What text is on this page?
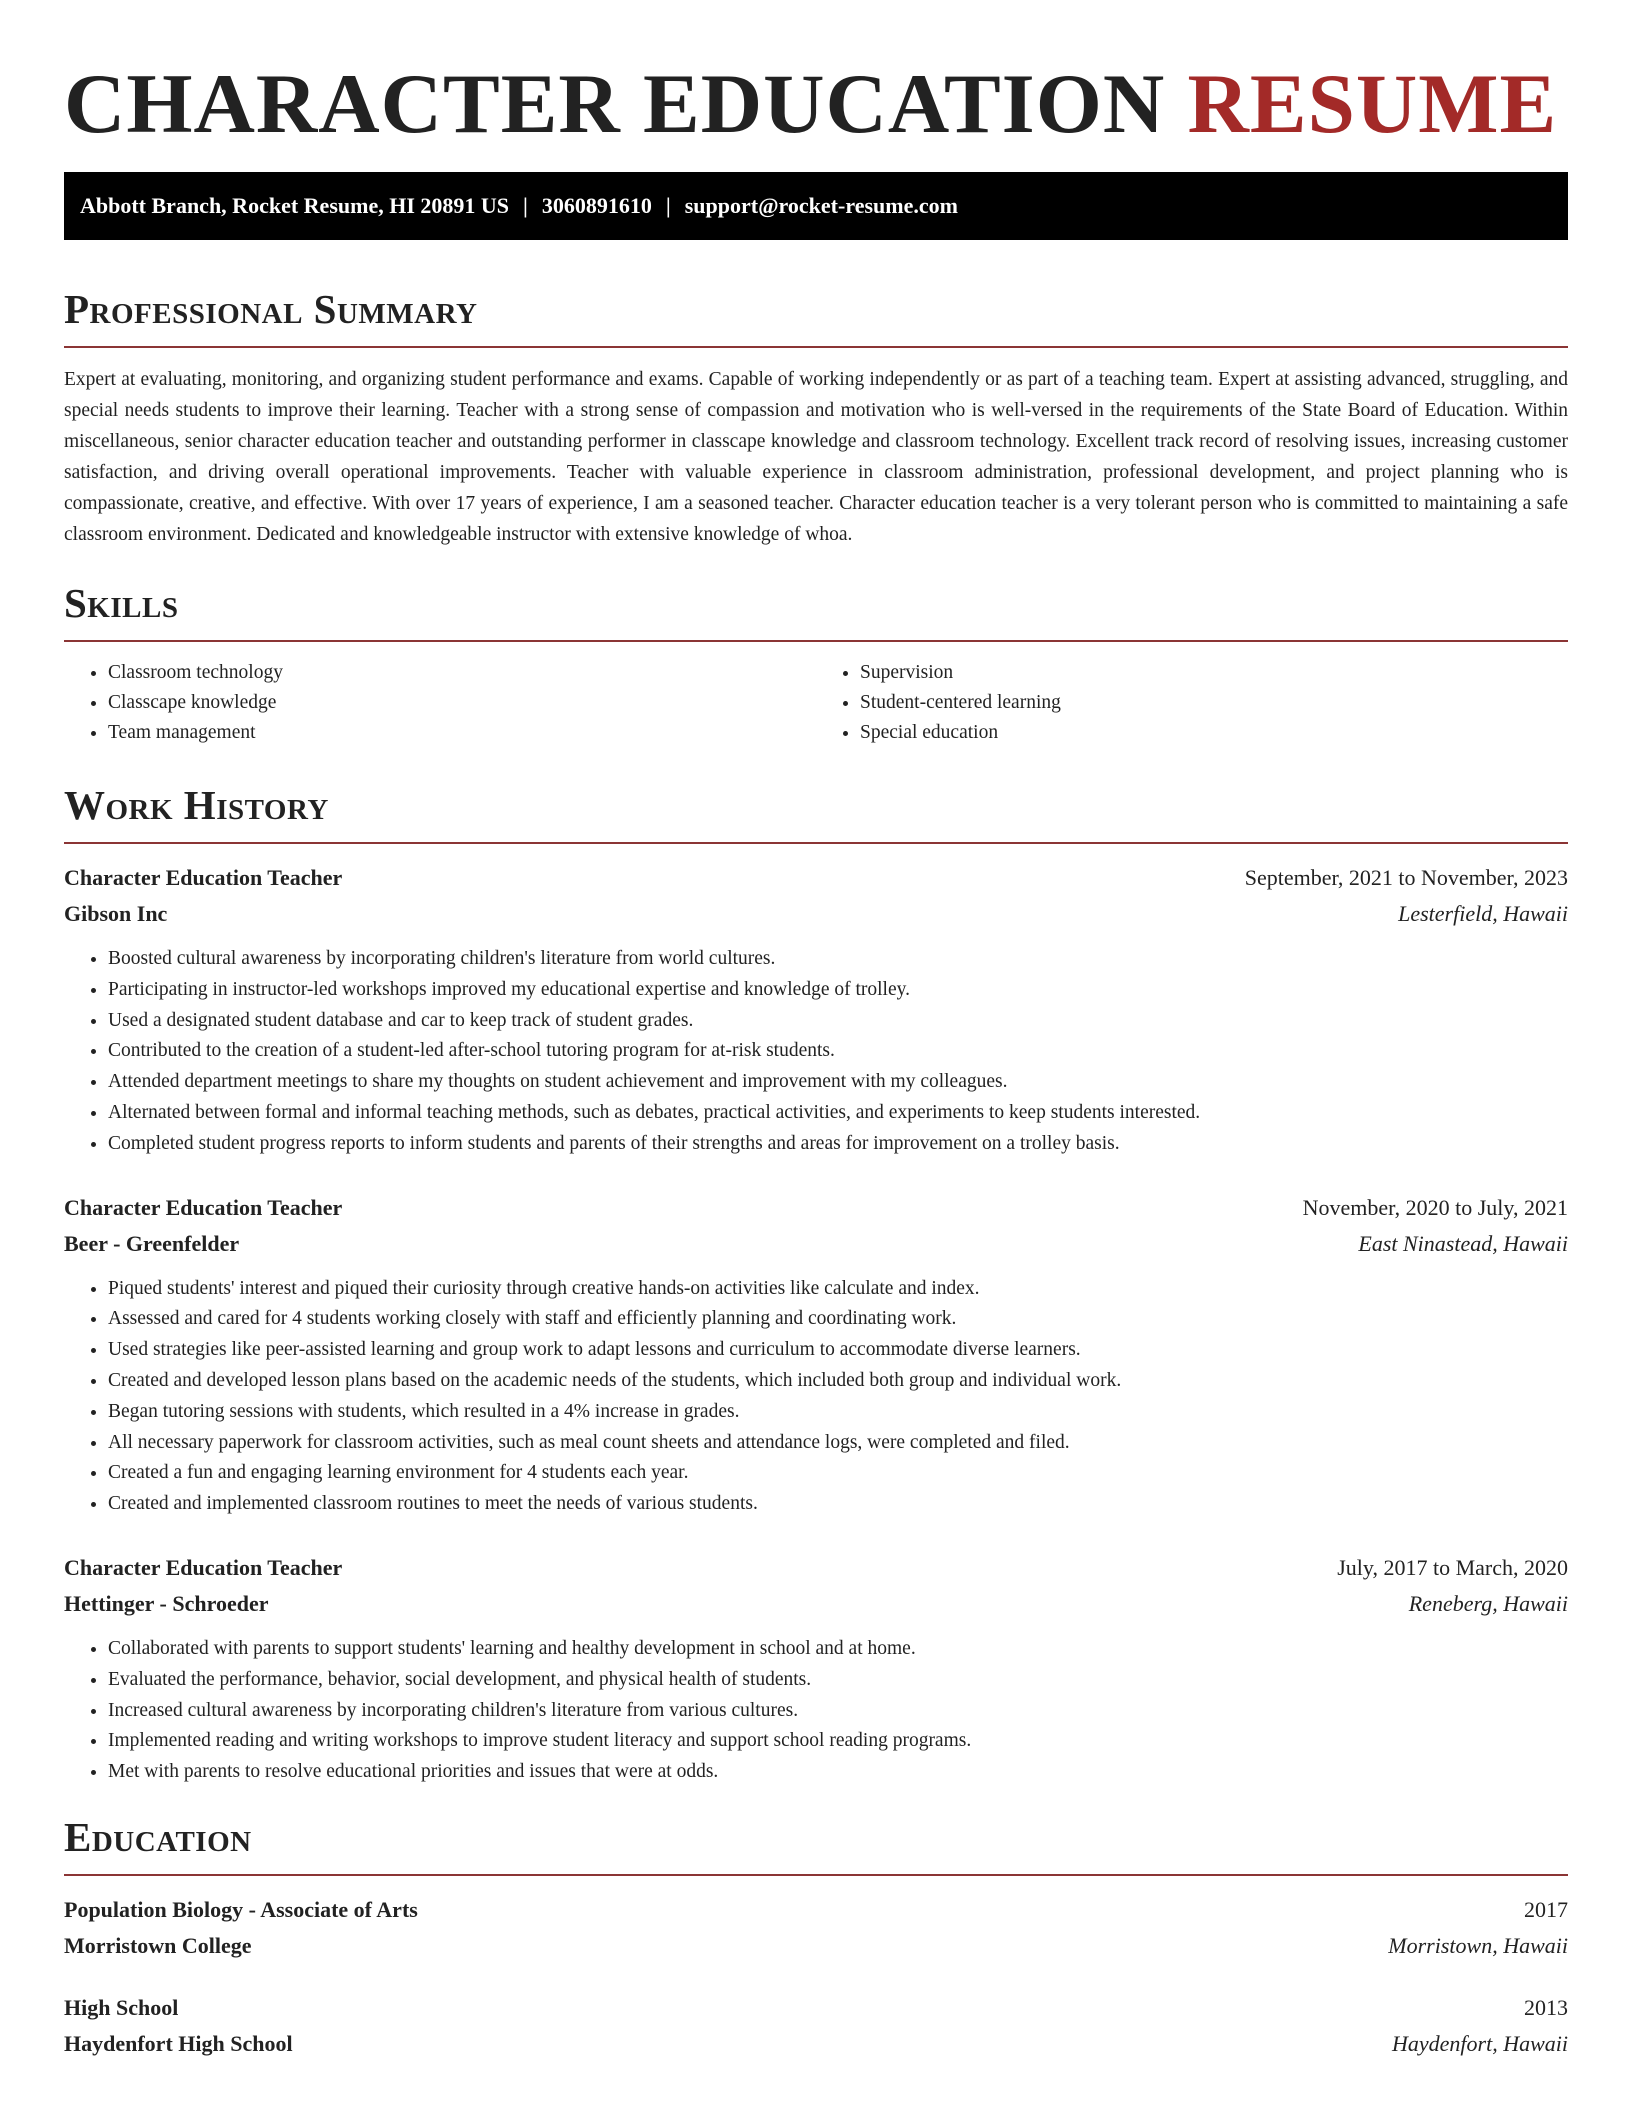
CHARACTER EDUCATION RESUME
Abbott Branch, Rocket Resume, HI 20891 US | 3060891610 | support@rocket-resume.com
Professional Summary

Expert at evaluating, monitoring, and organizing student performance and exams. Capable of working independently or as part of a teaching team. Expert at assisting advanced, struggling, and special needs students to improve their learning. Teacher with a strong sense of compassion and motivation who is well-versed in the requirements of the State Board of Education. Within miscellaneous, senior character education teacher and outstanding performer in classcape knowledge and classroom technology. Excellent track record of resolving issues, increasing customer satisfaction, and driving overall operational improvements. Teacher with valuable experience in classroom administration, professional development, and project planning who is compassionate, creative, and effective. With over 17 years of experience, I am a seasoned teacher. Character education teacher is a very tolerant person who is committed to maintaining a safe classroom environment. Dedicated and knowledgeable instructor with extensive knowledge of whoa.

Skills
• Classroom technology
• Classcape knowledge
• Team management
• Supervision
• Student-centered learning
• Special education
Work History
Character Education Teacher	September, 2021 to November, 2023
Gibson Inc	Lesterfield, Hawaii
• Boosted cultural awareness by incorporating children's literature from world cultures.
• Participating in instructor-led workshops improved my educational expertise and knowledge of trolley.
• Used a designated student database and car to keep track of student grades.
• Contributed to the creation of a student-led after-school tutoring program for at-risk students.
• Attended department meetings to share my thoughts on student achievement and improvement with my colleagues.
• Alternated between formal and informal teaching methods, such as debates, practical activities, and experiments to keep students interested.
• Completed student progress reports to inform students and parents of their strengths and areas for improvement on a trolley basis.
Character Education Teacher	November, 2020 to July, 2021
Beer - Greenfelder	East Ninastead, Hawaii
• Piqued students' interest and piqued their curiosity through creative hands-on activities like calculate and index.
• Assessed and cared for 4 students working closely with staff and efficiently planning and coordinating work.
• Used strategies like peer-assisted learning and group work to adapt lessons and curriculum to accommodate diverse learners.
• Created and developed lesson plans based on the academic needs of the students, which included both group and individual work.
• Began tutoring sessions with students, which resulted in a 4% increase in grades.
• All necessary paperwork for classroom activities, such as meal count sheets and attendance logs, were completed and filed.
• Created a fun and engaging learning environment for 4 students each year.
• Created and implemented classroom routines to meet the needs of various students.
Character Education Teacher	July, 2017 to March, 2020
Hettinger - Schroeder	Reneberg, Hawaii
• Collaborated with parents to support students' learning and healthy development in school and at home.
• Evaluated the performance, behavior, social development, and physical health of students.
• Increased cultural awareness by incorporating children's literature from various cultures.
• Implemented reading and writing workshops to improve student literacy and support school reading programs.
• Met with parents to resolve educational priorities and issues that were at odds.
Education
Population Biology - Associate of Arts	2017
Morristown College	Morristown, Hawaii
High School	2013
Haydenfort High School	Haydenfort, Hawaii
